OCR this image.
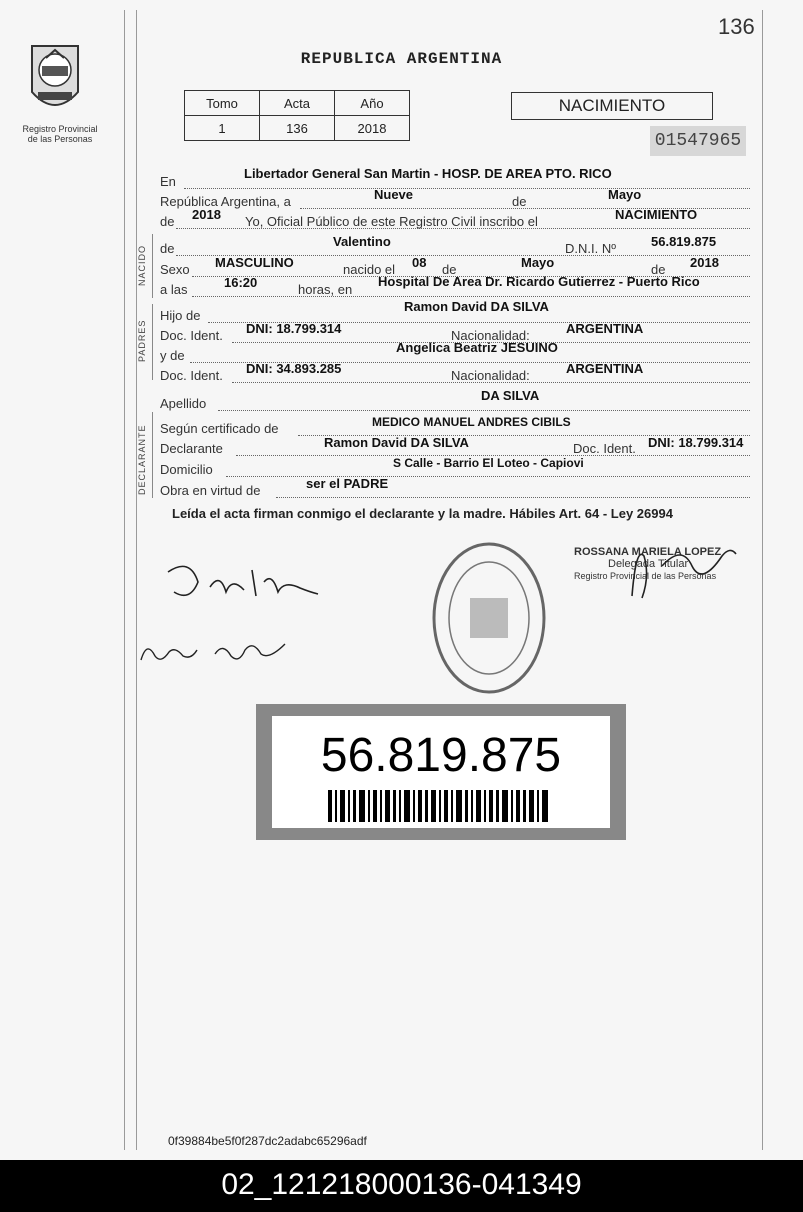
136
Registro Provincial
de las Personas
REPUBLICA ARGENTINA
Tomo	Acta	Año
1	136	2018
NACIMIENTO
01547965
En
Libertador General San Martin - HOSP. DE AREA PTO. RICO
República Argentina, a	Nueve	de	Mayo
de 2018 Yo, Oficial Público de este Registro Civil inscribo el	NACIMIENTO
NACIDO de	Valentino	D.N.I. Nº	56.819.875
Sexo MASCULINO	nacido el 08 de	Mayo	de 2018
a las	16:20	horas, en
Hospital De Area Dr. Ricardo Gutierrez - Puerto Rico
PADRES
Hijo de
Ramon David DA SILVA
Doc. Ident. DNI: 18.799.314	Nacionalidad:	ARGENTINA
y de
Angelica Beatriz JESUINO
Doc. Ident. DNI: 34.893.285	Nacionalidad:	ARGENTINA
Apellido
DA SILVA
DECLARANTE Según certificado de	MEDICO MANUEL ANDRES CIBILS
Declarante	Ramon David DA SILVA	Doc. Ident. DNI: 18.799.314
Domicilio	S Calle - Barrio El Loteo - Capiovi
Obra en virtud de	ser el PADRE
Leída el acta firman conmigo el declarante y la madre. Hábiles Art. 64 - Ley 26994
ROSSANA MARIELA LOPEZ
Delegada Titular
Registro Provincial de las Personas
56.819.875
0f39884be5f0f287dc2adabc65296adf
02_121218000136-041349
